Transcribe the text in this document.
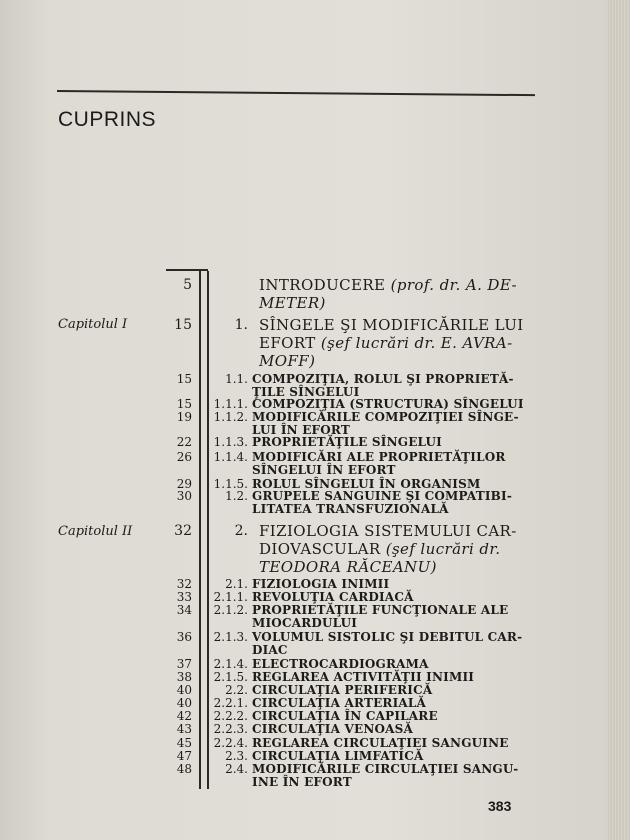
CUPRINS
5	INTRODUCERE (prof. dr. A. DE-
METER)
Capitolul I	15	1. SÎNGELE ŞI MODIFICĂRILE LUI
EFORT (şef lucrări dr. E. AVRA-
MOFF)
15	1.1. COMPOZIŢIA, ROLUL ŞI PROPRIETĂ-
ŢILE SÎNGELUI
15	1.1.1. COMPOZIŢIA (STRUCTURA) SÎNGELUI
19	1.1.2. MODIFICĂRILE COMPOZIŢIEI SÎNGE-
LUI ÎN EFORT
22	1.1.3. PROPRIETĂŢILE SÎNGELUI
26	1.1.4. MODIFICĂRI ALE PROPRIETĂŢILOR
SÎNGELUI ÎN EFORT
29	1.1.5. ROLUL SÎNGELUI ÎN ORGANISM
30	1.2. GRUPELE SANGUINE ŞI COMPATIBI-
LITATEA TRANSFUZIONALĂ
Capitolul II	32	2. FIZIOLOGIA SISTEMULUI CAR-
DIOVASCULAR (şef lucrări dr.
TEODORA RĂCEANU)
32	2.1. FIZIOLOGIA INIMII
33	2.1.1. REVOLUŢIA CARDIACĂ
34	2.1.2. PROPRIETĂŢILE FUNCŢIONALE ALE
MIOCARDULUI
36	2.1.3. VOLUMUL SISTOLIC ŞI DEBITUL CAR-
DIAC
37	2.1.4. ELECTROCARDIOGRAMA
38	2.1.5. REGLAREA ACTIVITĂŢII INIMII
40	2.2. CIRCULAŢIA PERIFERICĂ
40	2.2.1. CIRCULAŢIA ARTERIALĂ
42	2.2.2. CIRCULAŢIA ÎN CAPILARE
43	2.2.3. CIRCULAŢIA VENOASĂ
45	2.2.4. REGLAREA CIRCULAŢIEI SANGUINE
47	2.3. CIRCULAŢIA LIMFATICĂ
48	2.4. MODIFICĂRILE CIRCULAŢIEI SANGU-
INE ÎN EFORT
383
